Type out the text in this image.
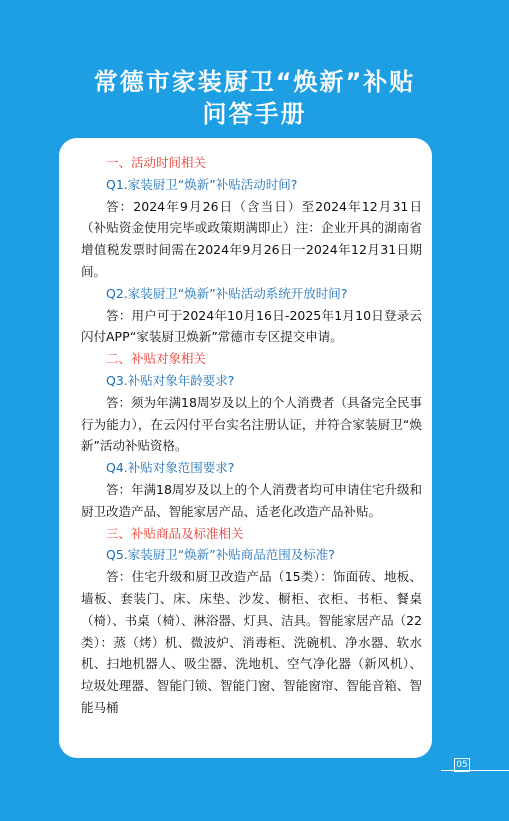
常德市家装厨卫“焕新”补贴
问答手册

一、活动时间相关

Q1.家装厨卫“焕新”补贴活动时间?

答：2024年9月26日（含当日）至2024年12月31日（补贴资金使用完毕或政策期满即止）注：企业开具的湖南省增值税发票时间需在2024年9月26日一2024年12月31日期间。

Q2.家装厨卫“焕新”补贴活动系统开放时间?

答：用户可于2024年10月16日-2025年1月10日登录云闪付APP“家装厨卫焕新”常德市专区提交申请。

二、补贴对象相关

Q3.补贴对象年龄要求?

答：须为年满18周岁及以上的个人消费者（具备完全民事行为能力），在云闪付平台实名注册认证，并符合家装厨卫“焕新”活动补贴资格。

Q4.补贴对象范围要求?

答：年满18周岁及以上的个人消费者均可申请住宅升级和厨卫改造产品、智能家居产品、适老化改造产品补贴。

三、补贴商品及标准相关

Q5.家装厨卫“焕新”补贴商品范围及标准?

答：住宅升级和厨卫改造产品（15类）：饰面砖、地板、墙板、套装门、床、床垫、沙发、橱柜、衣柜、书柜、餐桌（椅）、书桌（椅）、淋浴器、灯具、洁具。智能家居产品（22类）：蒸（烤）机、微波炉、消毒柜、洗碗机、净水器、软水机、扫地机器人、吸尘器、洗地机、空气净化器（新风机）、垃圾处理器、智能门锁、智能门窗、智能窗帘、智能音箱、智能马桶

05
